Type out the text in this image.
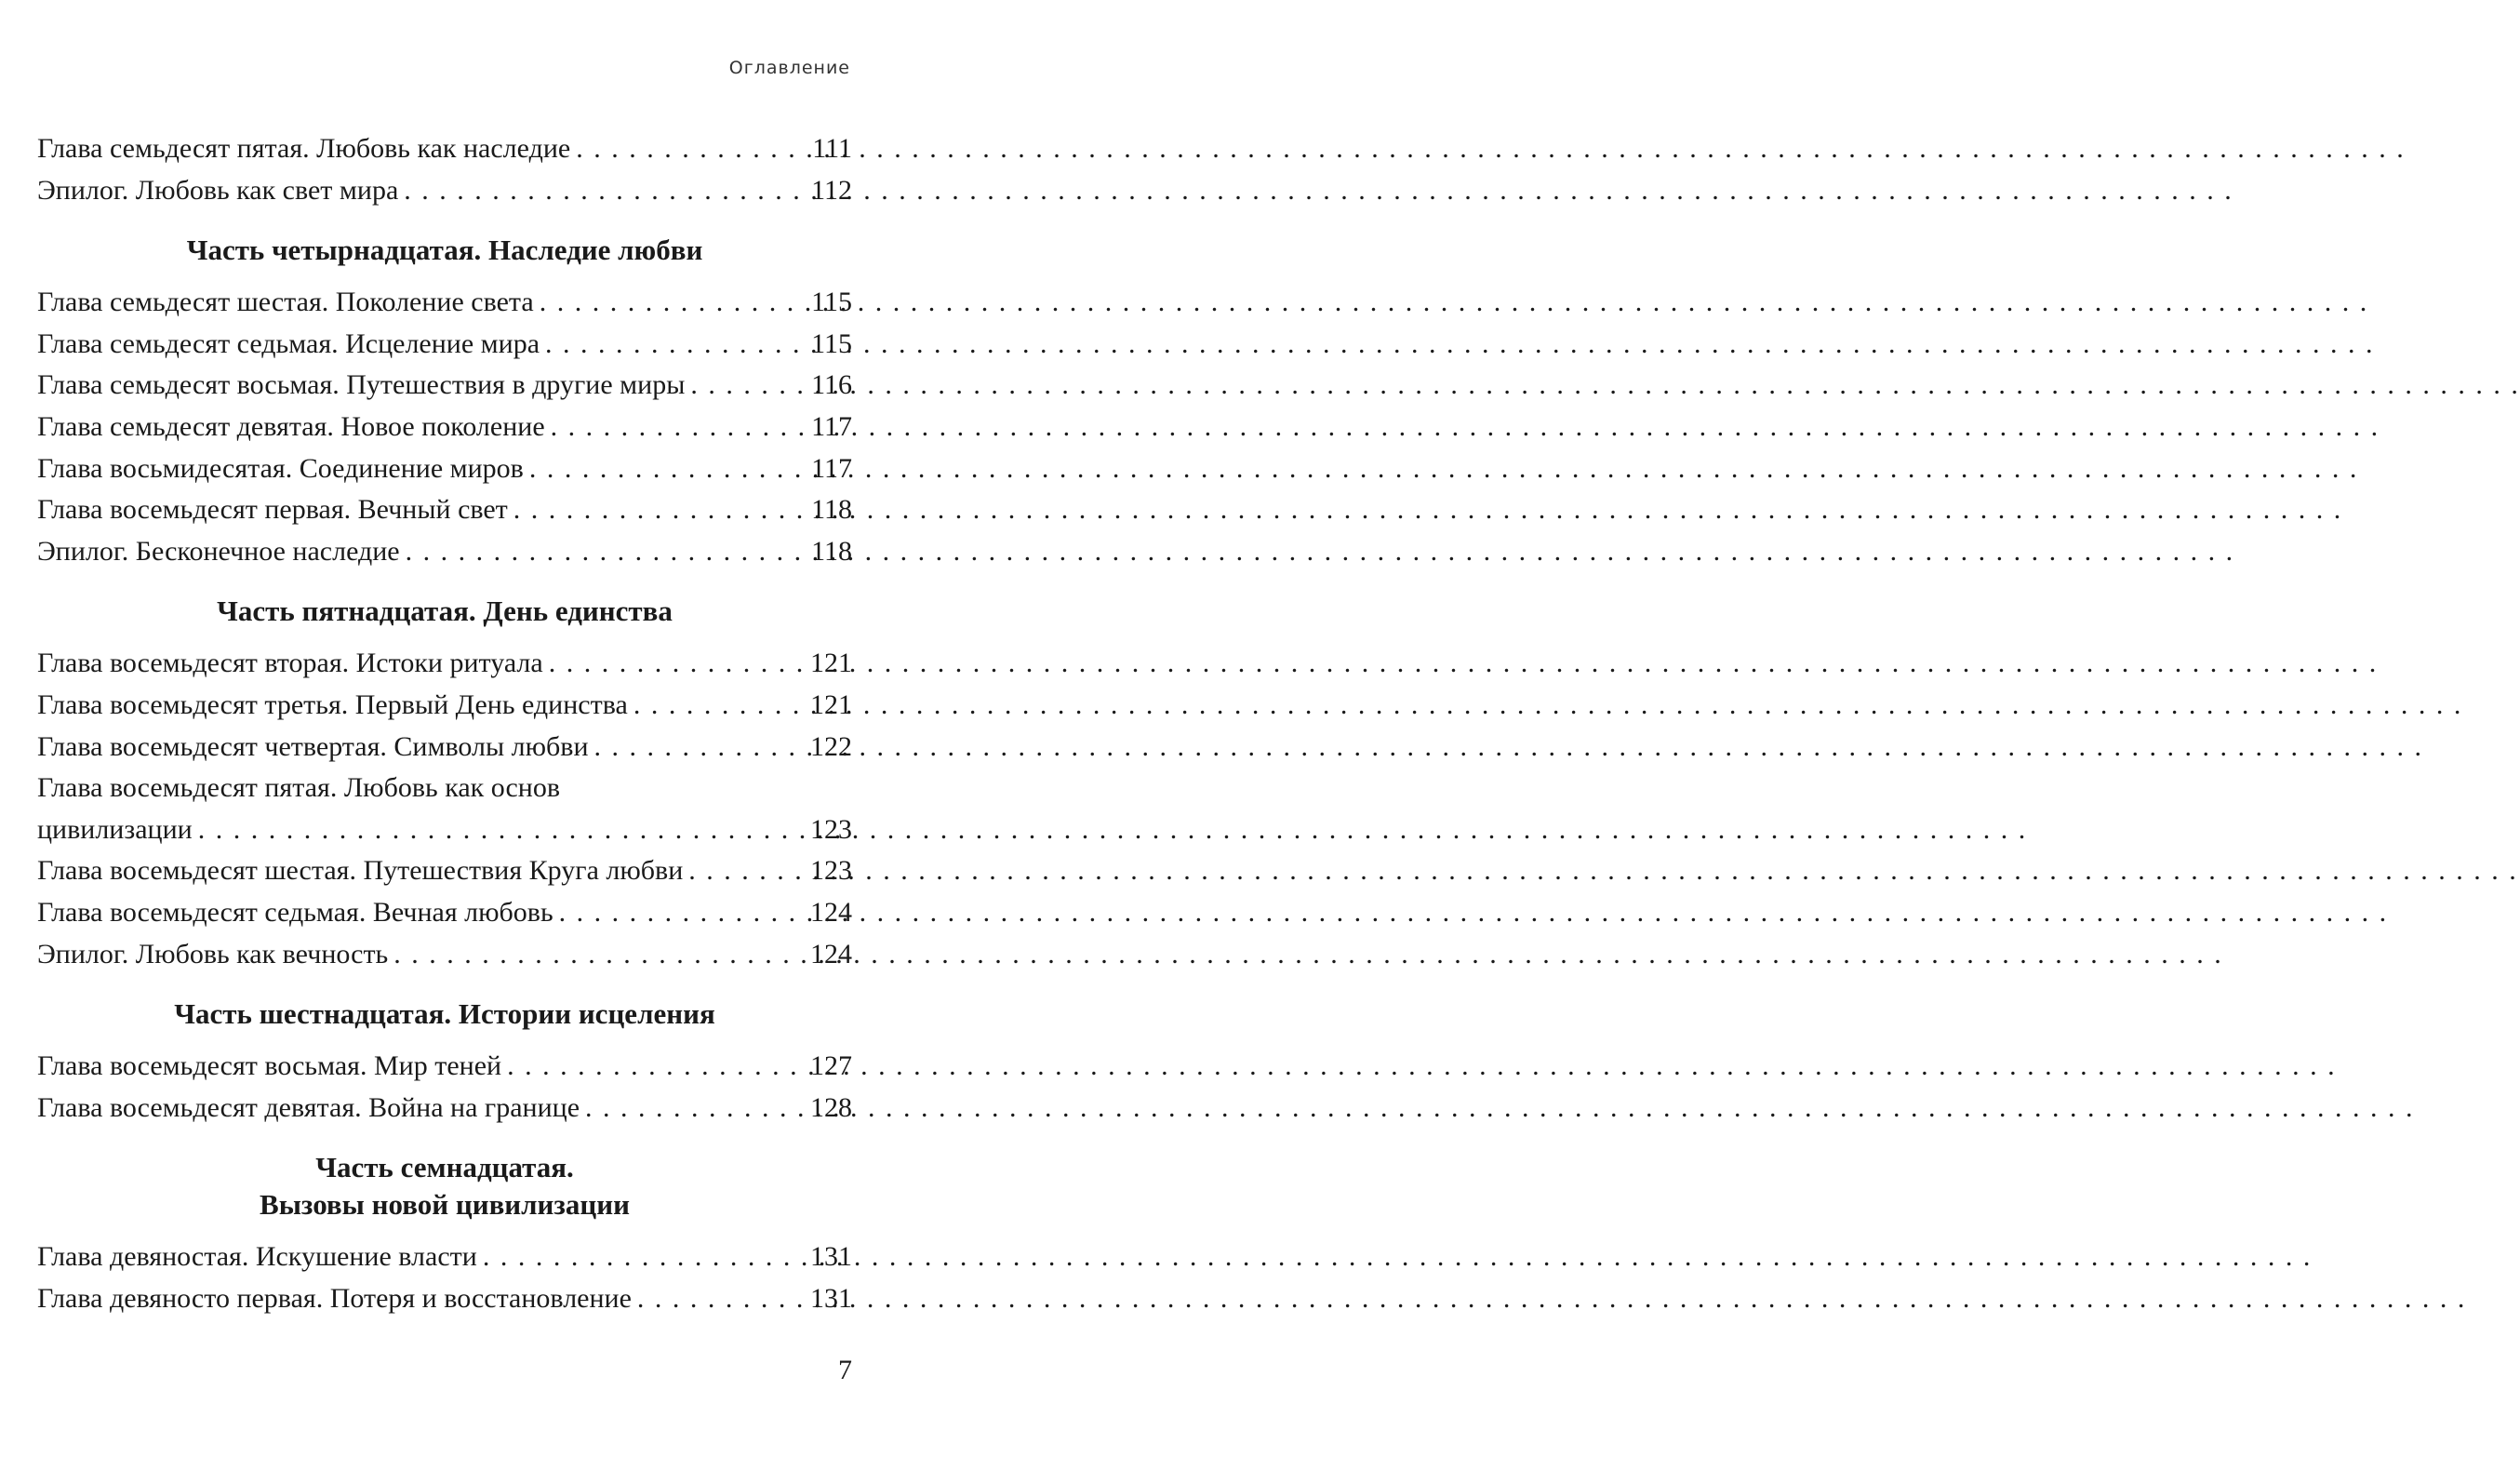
Оглавление
Глава семьдесят пятая. Любовь как наследие . . .	111
Эпилог. Любовь как свет мира . . .	112
Часть четырнадцатая. Наследие любви
Глава семьдесят шестая. Поколение света . . .	115
Глава семьдесят седьмая. Исцеление мира . . .	115
Глава семьдесят восьмая. Путешествия в другие миры . . .	116
Глава семьдесят девятая. Новое поколение . . .	117
Глава восьмидесятая. Соединение миров . . .	117
Глава восемьдесят первая. Вечный свет . . .	118
Эпилог. Бесконечное наследие . . .	118
Часть пятнадцатая. День единства
Глава восемьдесят вторая. Истоки ритуала . . .	121
Глава восемьдесят третья. Первый День единства . . .	121
Глава восемьдесят четвертая. Символы любви . . .	122
Глава восемьдесят пятая. Любовь как основ
цивилизации . . .	123
Глава восемьдесят шестая. Путешествия Круга любви . . .	123
Глава восемьдесят седьмая. Вечная любовь . . .	124
Эпилог. Любовь как вечность . . .	124
Часть шестнадцатая. Истории исцеления
Глава восемьдесят восьмая. Мир теней . . .	127
Глава восемьдесят девятая. Война на границе . . .	128
Часть семнадцатая.
Вызовы новой цивилизации
Глава девяностая. Искушение власти . . .	131
Глава девяносто первая. Потеря и восстановление . . .	131
7
